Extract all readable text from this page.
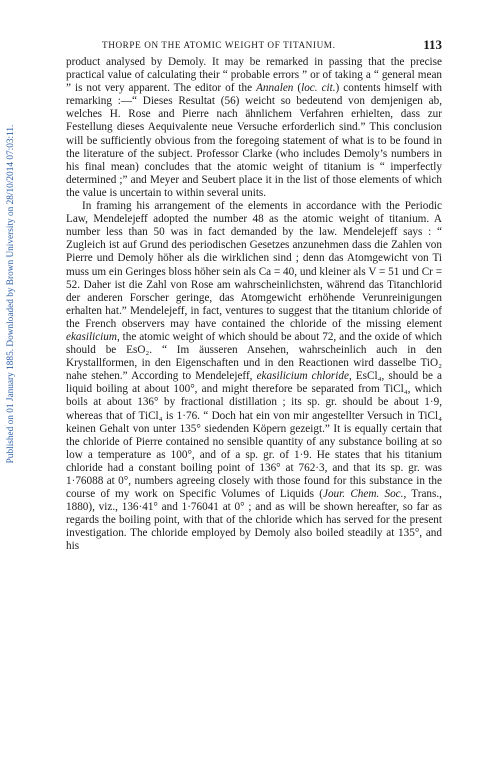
THORPE ON THE ATOMIC WEIGHT OF TITANIUM.	113
Published on 01 January 1885. Downloaded by Brown University on 28/10/2014 07:03:11.

product analysed by Demoly. It may be remarked in passing that the precise practical value of calculating their “ probable errors ” or of taking a “ general mean ” is not very apparent. The editor of the Annalen (loc. cit.) contents himself with remarking :—“ Dieses Resultat (56) weicht so bedeutend von demjenigen ab, welches H. Rose and Pierre nach ähnlichem Verfahren erhielten, dass zur Festellung dieses Aequivalente neue Versuche erforderlich sind.” This conclusion will be sufficiently obvious from the foregoing statement of what is to be found in the literature of the subject. Professor Clarke (who includes Demoly’s numbers in his final mean) concludes that the atomic weight of titanium is “ imperfectly determined ;” and Meyer and Seubert place it in the list of those elements of which the value is uncertain to within several units.

In framing his arrangement of the elements in accordance with the Periodic Law, Mendelejeff adopted the number 48 as the atomic weight of titanium. A number less than 50 was in fact demanded by the law. Mendelejeff says : “ Zugleich ist auf Grund des periodischen Gesetzes anzunehmen dass die Zahlen von Pierre und Demoly höher als die wirklichen sind ; denn das Atomgewicht von Ti muss um ein Geringes bloss höher sein als Ca = 40, und kleiner als V = 51 und Cr = 52. Daher ist die Zahl von Rose am wahrscheinlichsten, während das Titanchlorid der anderen Forscher geringe, das Atomgewicht erhöhende Verunreinigungen erhalten hat.” Mendelejeff, in fact, ventures to suggest that the titanium chloride of the French observers may have contained the chloride of the missing element ekasilicium, the atomic weight of which should be about 72, and the oxide of which should be EsO₂. “ Im äusseren Ansehen, wahrscheinlich auch in den Krystallformen, in den Eigenschaften und in den Reactionen wird dasselbe TiO₂ nahe stehen.” According to Mendelejeff, ekasilicium chloride, EsCl₄, should be a liquid boiling at about 100°, and might therefore be separated from TiCl₄, which boils at about 136° by fractional distillation ; its sp. gr. should be about 1·9, whereas that of TiCl₄ is 1·76. “ Doch hat ein von mir angestellter Versuch in TiCl₄ keinen Gehalt von unter 135° siedenden Köpern gezeigt.” It is equally certain that the chloride of Pierre contained no sensible quantity of any substance boiling at so low a temperature as 100°, and of a sp. gr. of 1·9. He states that his titanium chloride had a constant boiling point of 136° at 762·3, and that its sp. gr. was 1·76088 at 0°, numbers agreeing closely with those found for this substance in the course of my work on Specific Volumes of Liquids (Jour. Chem. Soc., Trans., 1880), viz., 136·41° and 1·76041 at 0° ; and as will be shown hereafter, so far as regards the boiling point, with that of the chloride which has served for the present investigation. The chloride employed by Demoly also boiled steadily at 135°, and his
